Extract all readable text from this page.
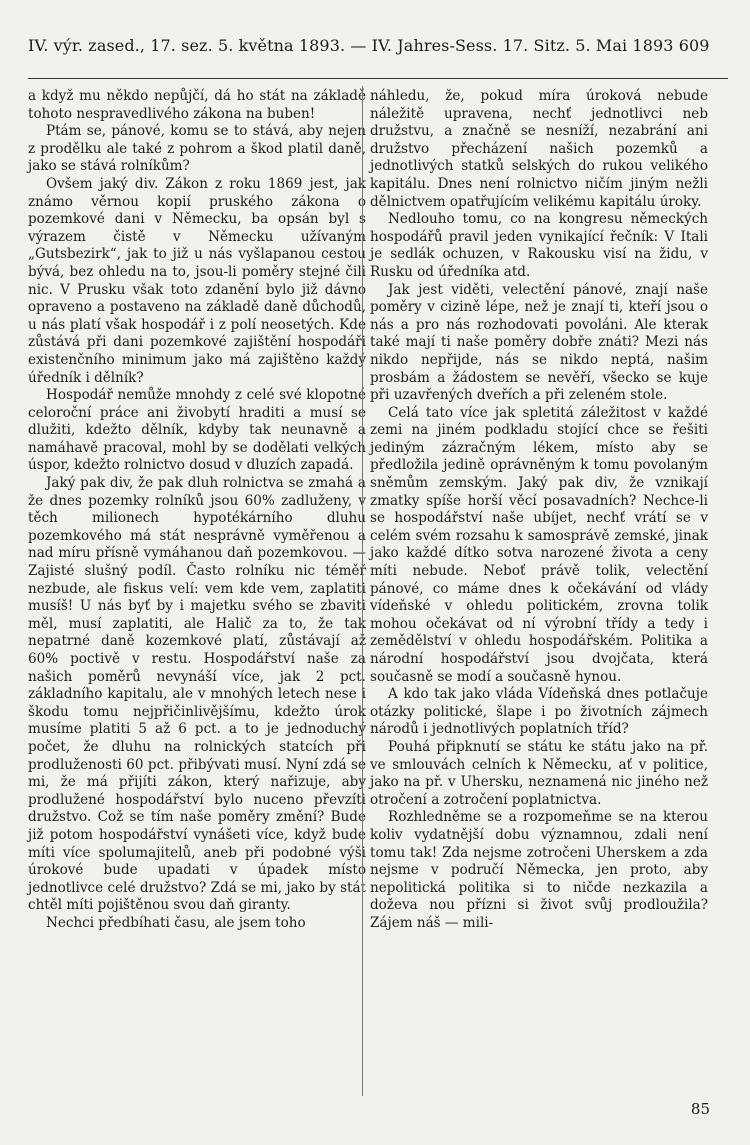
IV. výr. zased., 17. sez. 5. května 1893. — IV. Jahres-Sess. 17. Sitz. 5. Mai 1893 609

a když mu někdo nepůjčí, dá ho stát na základě tohoto nespravedlivého zákona na buben!

Ptám se, pánové, komu se to stává, aby nejen z prodělku ale také z pohrom a škod platil daně, jako se stává rolníkům?

Ovšem jaký div. Zákon z roku 1869 jest, jak známo věrnou kopií pruského zákona o pozemkové dani v Německu, ba opsán byl s výrazem čistě v Německu užívaným „Gutsbezirk“, jak to již u nás vyšlapanou cestou bývá, bez ohledu na to, jsou-li poměry stejné čili nic. V Prusku však toto zdanění bylo již dávno opraveno a postaveno na základě daně důchodů, u nás platí však hospodář i z polí neosetých. Kde zůstává při dani pozemkové zajištění hospodáři existenčního minimum jako má zajištěno každý úředník i dělník?

Hospodář nemůže mnohdy z celé své klopotné celoroční práce ani živobytí hraditi a musí se dlužiti, kdežto dělník, kdyby tak neunavně a namáhavě pracoval, mohl by se dodělati velkých úspor, kdežto rolnictvo dosud v dluzích zapadá.

Jaký pak div, že pak dluh rolnictva se zmahá a že dnes pozemky rolníků jsou 60% zadluženy, v těch milionech hypotékárního dluhu pozemkového má stát nesprávně vyměřenou a nad míru přísně vymáhanou daň pozemkovou. — Zajisté slušný podíl. Často rolníku nic téměř nezbude, ale fiskus velí: vem kde vem, zaplatiti musíš! U nás byť by i majetku svého se zbaviti měl, musí zaplatiti, ale Halič za to, že tak nepatrné daně kozemkové platí, zůstávají až 60% poctivě v restu. Hospodářství naše za našich poměrů nevynáší více, jak 2 pct. základního kapitalu, ale v mnohých letech nese i škodu tomu nejpřičinlivějšímu, kdežto úrok musíme platiti 5 až 6 pct. a to je jednoduchý počet, že dluhu na rolnických statcích při prodluženosti 60 pct. přibývati musí. Nyní zdá se mi, že má přijíti zákon, který nařizuje, aby prodlužené hospodářství bylo nuceno převzíti družstvo. Což se tím naše poměry změní? Bude již potom hospodářství vynášeti více, když bude míti více spolumajitelů, aneb při podobné výši úrokové bude upadati v úpadek místo jednotlivce celé družstvo? Zdá se mi, jako by stát chtěl míti pojištěnou svou daň giranty.

Nechci předbíhati času, ale jsem toho

náhledu, že, pokud míra úroková nebude náležitě upravena, nechť jednotlivci neb družstvu, a značně se nesníží, nezabrání ani družstvo přecházení našich pozemků a jednotlivých statků selských do rukou velikého kapitálu. Dnes není rolnictvo ničím jiným nežli dělnictvem opatřujícím velikému kapitálu úroky.

Nedlouho tomu, co na kongresu německých hospodářů pravil jeden vynikající řečník: V Itali je sedlák ochuzen, v Rakousku visí na židu, v Rusku od úředníka atd.

Jak jest viděti, velectění pánové, znají naše poměry v cizině lépe, než je znají ti, kteří jsou o nás a pro nás rozhodovati povoláni. Ale kterak také mají ti naše poměry dobře znáti? Mezi nás nikdo nepřijde, nás se nikdo neptá, našim prosbám a žádostem se nevěří, všecko se kuje při uzavřených dveřích a při zeleném stole.

Celá tato více jak spletitá záležitost v každé zemi na jiném podkladu stojící chce se řešiti jediným zázračným lékem, místo aby se předložila jedině oprávněným k tomu povolaným sněmům zemským. Jaký pak div, že vznikají zmatky spíše horší věcí posavadních? Nechce-li se hospodářství naše ubíjet, nechť vrátí se v celém svém rozsahu k samosprávě zemské, jinak jako každé dítko sotva narozené života a ceny míti nebude. Neboť právě tolik, velectění pánové, co máme dnes k očekávání od vlády vídeňské v ohledu politickém, zrovna tolik mohou očekávat od ní výrobní třídy a tedy i zemědělství v ohledu hospodářském. Politika a národní hospodářství jsou dvojčata, která současně se modí a současně hynou.

A kdo tak jako vláda Vídeňská dnes potlačuje otázky politické, šlape i po životních zájmech národů i jednotlivých poplatních tříd?

Pouhá připknutí se státu ke státu jako na př. ve smlouvách celních k Německu, ať v politice, jako na př. v Uhersku, neznamená nic jiného než otročení a zotročení poplatnictva.

Rozhledněme se a rozpomeňme se na kterou koliv vydatnější dobu významnou, zdali není tomu tak! Zda nejsme zotročeni Uherskem a zda nejsme v područí Německa, jen proto, aby nepolitická politika si to ničde nezkazila a doževa nou přízni si život svůj prodloužila? Zájem náš — mili-

85
